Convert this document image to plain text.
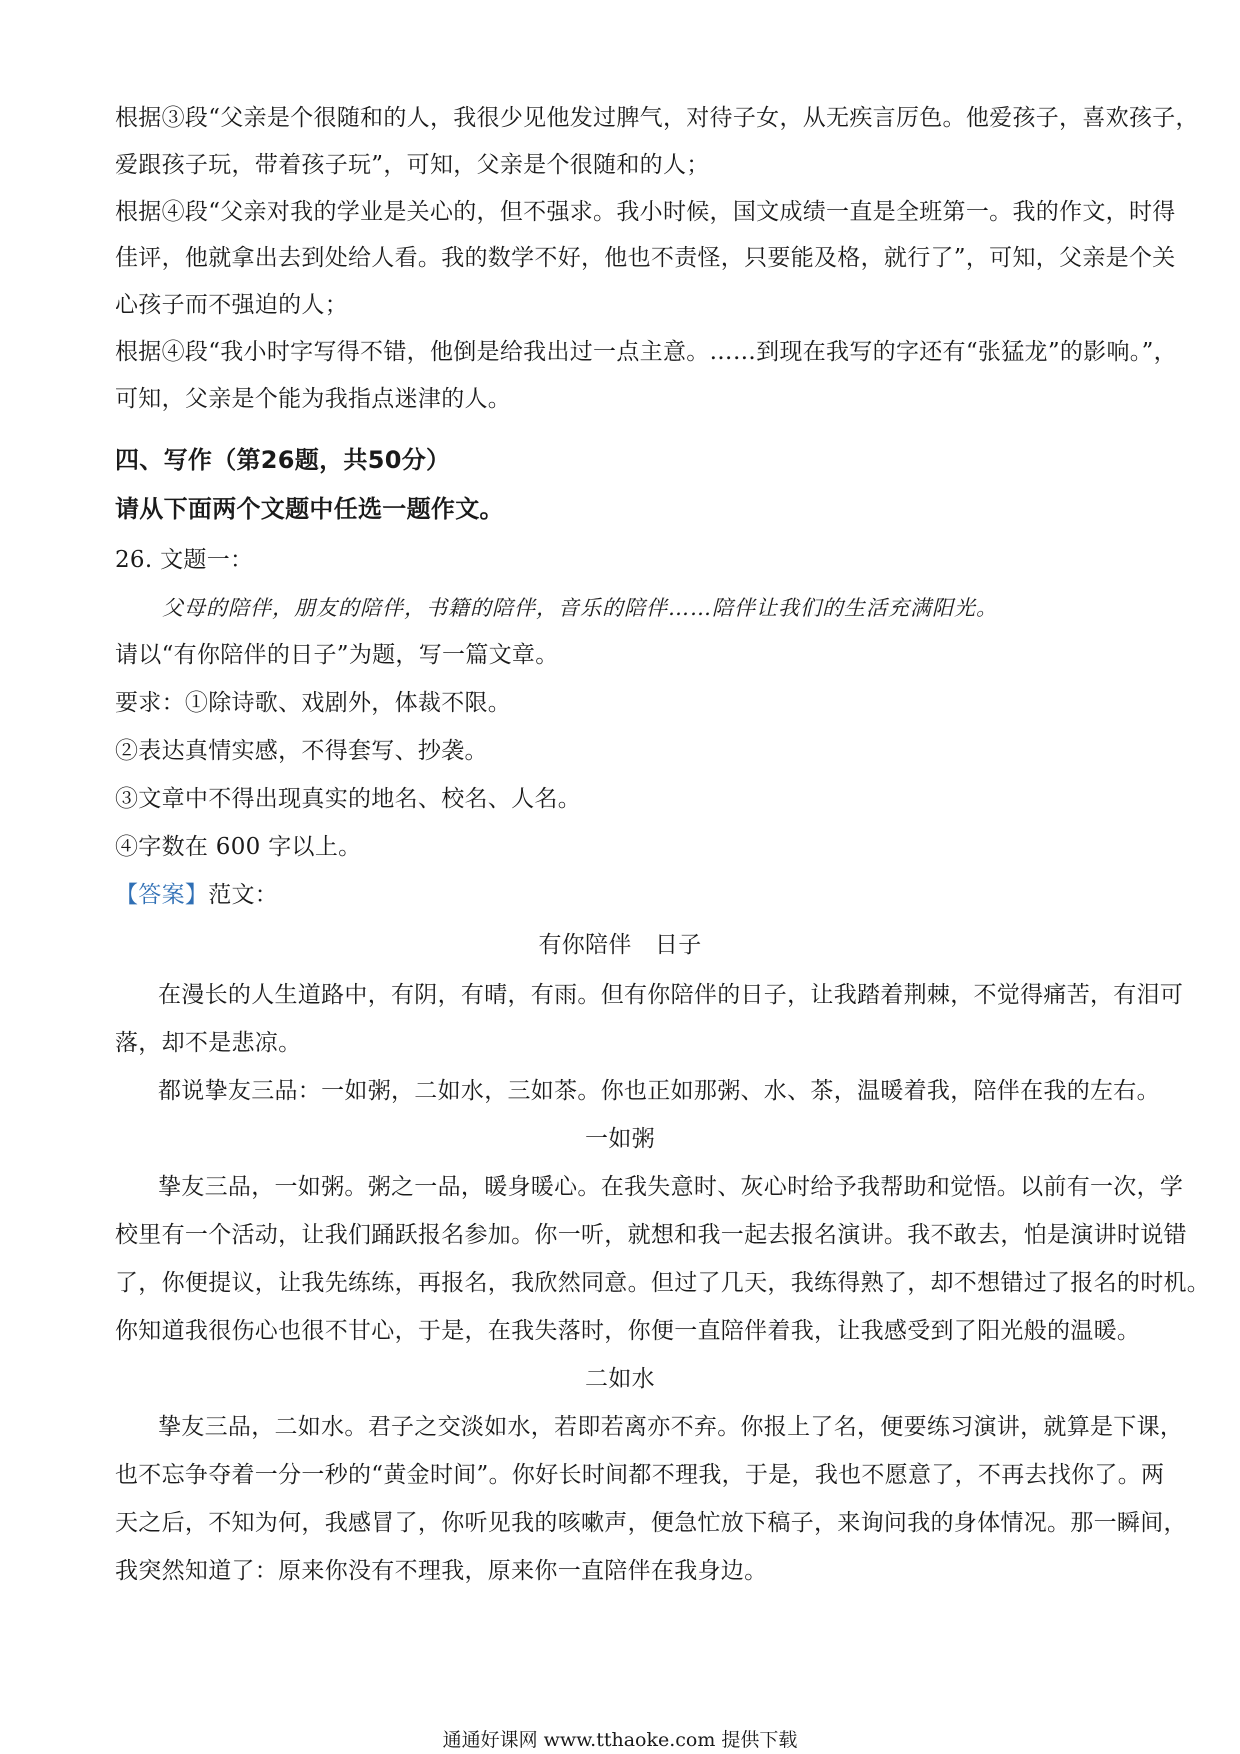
根据③段“父亲是个很随和的人，我很少见他发过脾气，对待子女，从无疾言厉色。他爱孩子，喜欢孩子，
爱跟孩子玩，带着孩子玩”，可知，父亲是个很随和的人；
根据④段“父亲对我的学业是关心的，但不强求。我小时候，国文成绩一直是全班第一。我的作文，时得
佳评，他就拿出去到处给人看。我的数学不好，他也不责怪，只要能及格，就行了”，可知，父亲是个关
心孩子而不强迫的人；
根据④段“我小时字写得不错，他倒是给我出过一点主意。……到现在我写的字还有“张猛龙”的影响。”，
可知，父亲是个能为我指点迷津的人。
四、写作（第26题，共50分）
请从下面两个文题中任选一题作文。
26. 文题一：
父母的陪伴，朋友的陪伴，书籍的陪伴，音乐的陪伴……陪伴让我们的生活充满阳光。
请以“有你陪伴的日子”为题，写一篇文章。
要求：①除诗歌、戏剧外，体裁不限。
②表达真情实感，不得套写、抄袭。
③文章中不得出现真实的地名、校名、人名。
④字数在 600 字以上。
【答案】范文：
有你陪伴　日子
在漫长的人生道路中，有阴，有晴，有雨。但有你陪伴的日子，让我踏着荆棘，不觉得痛苦，有泪可
落，却不是悲凉。
都说挚友三品：一如粥，二如水，三如茶。你也正如那粥、水、茶，温暖着我，陪伴在我的左右。
一如粥
挚友三品，一如粥。粥之一品，暖身暖心。在我失意时、灰心时给予我帮助和觉悟。以前有一次，学
校里有一个活动，让我们踊跃报名参加。你一听，就想和我一起去报名演讲。我不敢去，怕是演讲时说错
了，你便提议，让我先练练，再报名，我欣然同意。但过了几天，我练得熟了，却不想错过了报名的时机。
你知道我很伤心也很不甘心，于是，在我失落时，你便一直陪伴着我，让我感受到了阳光般的温暖。
二如水
挚友三品，二如水。君子之交淡如水，若即若离亦不弃。你报上了名，便要练习演讲，就算是下课，
也不忘争夺着一分一秒的“黄金时间”。你好长时间都不理我，于是，我也不愿意了，不再去找你了。两
天之后，不知为何，我感冒了，你听见我的咳嗽声，便急忙放下稿子，来询问我的身体情况。那一瞬间，
我突然知道了：原来你没有不理我，原来你一直陪伴在我身边。
通通好课网 www.tthaoke.com 提供下载
